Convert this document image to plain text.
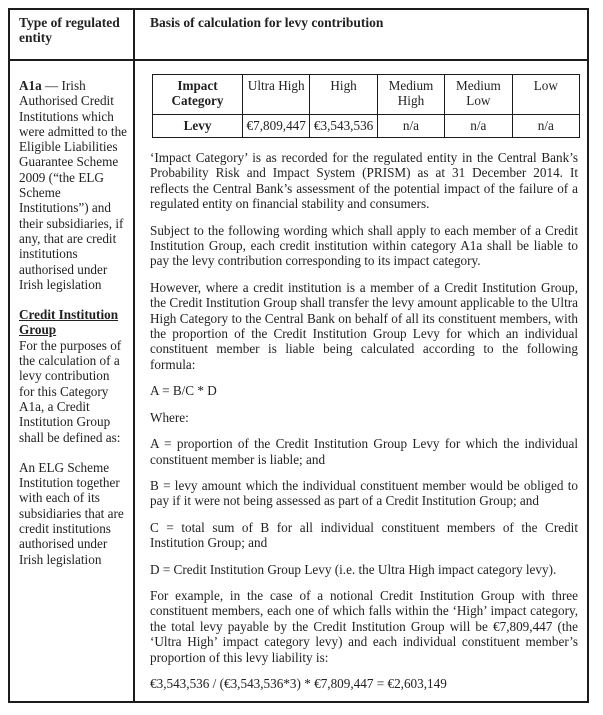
Type of regulated entity
Basis of calculation for levy contribution

A1a — Irish Authorised Credit Institutions which were admitted to the Eligible Liabilities Guarantee Scheme 2009 (“the ELG Scheme Institutions”) and their subsidiaries, if any, that are credit institutions authorised under Irish legislation

Credit Institution Group

For the purposes of the calculation of a levy contribution for this Category A1a, a Credit Institution Group shall be defined as:

An ELG Scheme Institution together with each of its subsidiaries that are credit institutions authorised under Irish legislation

Impact Category	Ultra High	High	Medium High	Medium Low	Low
Levy	€7,809,447	€3,543,536	n/a	n/a	n/a

‘Impact Category’ is as recorded for the regulated entity in the Central Bank’s Probability Risk and Impact System (PRISM) as at 31 December 2014. It reflects the Central Bank’s assessment of the potential impact of the failure of a regulated entity on financial stability and consumers.

Subject to the following wording which shall apply to each member of a Credit Institution Group, each credit institution within category A1a shall be liable to pay the levy contribution corresponding to its impact category.

However, where a credit institution is a member of a Credit Institution Group, the Credit Institution Group shall transfer the levy amount applicable to the Ultra High Category to the Central Bank on behalf of all its constituent members, with the proportion of the Credit Institution Group Levy for which an individual constituent member is liable being calculated according to the following formula:

A = B/C * D

Where:

A = proportion of the Credit Institution Group Levy for which the individual constituent member is liable; and

B = levy amount which the individual constituent member would be obliged to pay if it were not being assessed as part of a Credit Institution Group; and

C = total sum of B for all individual constituent members of the Credit Institution Group; and

D = Credit Institution Group Levy (i.e. the Ultra High impact category levy).

For example, in the case of a notional Credit Institution Group with three constituent members, each one of which falls within the ‘High’ impact category, the total levy payable by the Credit Institution Group will be €7,809,447 (the ‘Ultra High’ impact category levy) and each individual constituent member’s proportion of this levy liability is:

€3,543,536 / (€3,543,536*3) * €7,809,447 = €2,603,149
